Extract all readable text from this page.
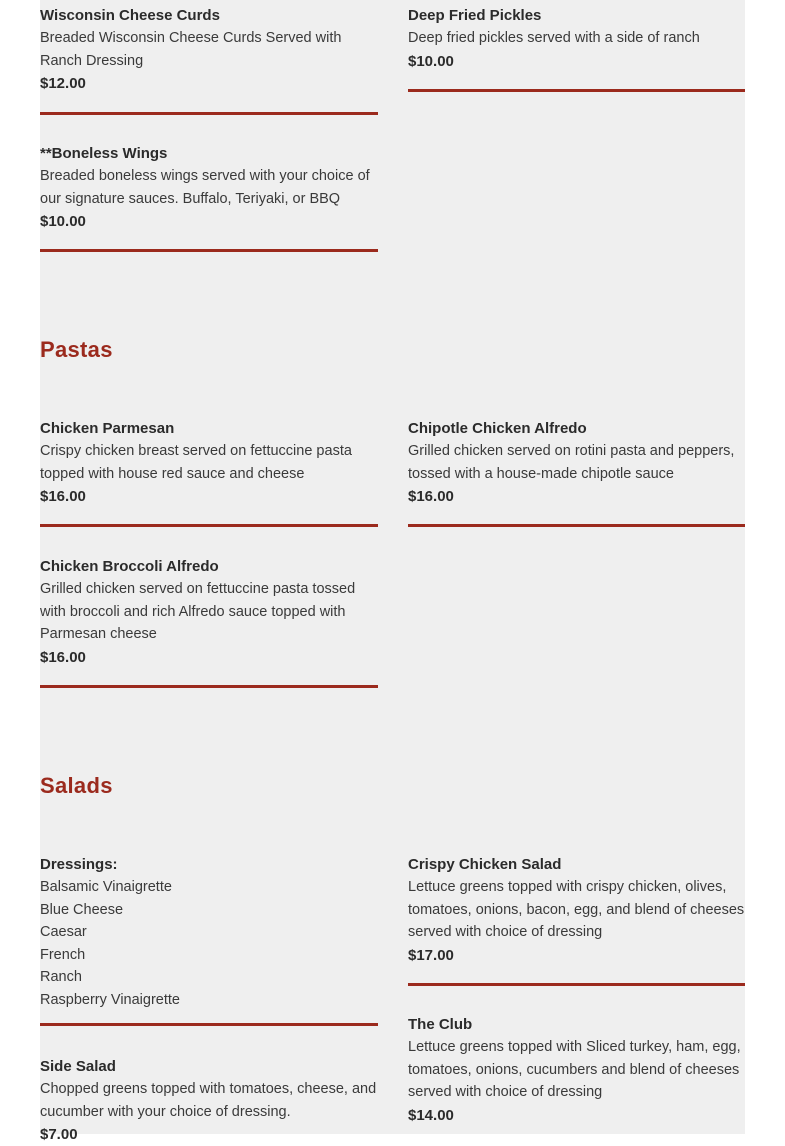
Wisconsin Cheese Curds
Breaded Wisconsin Cheese Curds Served with Ranch Dressing
$12.00
**Boneless Wings
Breaded boneless wings served with your choice of our signature sauces. Buffalo, Teriyaki, or BBQ
$10.00
Pastas
Chicken Parmesan
Crispy chicken breast served on fettuccine pasta topped with house red sauce and cheese
$16.00
Chicken Broccoli Alfredo
Grilled chicken served on fettuccine pasta tossed with broccoli and rich Alfredo sauce topped with Parmesan cheese
$16.00
Salads
Dressings:
Balsamic Vinaigrette
Blue Cheese
Caesar
French
Ranch
Raspberry Vinaigrette
Side Salad
Chopped greens topped with tomatoes, cheese, and cucumber with your choice of dressing.
$7.00
Deep Fried Pickles
Deep fried pickles served with a side of ranch
$10.00
Chipotle Chicken Alfredo
Grilled chicken served on rotini pasta and peppers, tossed with a house-made chipotle sauce
$16.00
Crispy Chicken Salad
Lettuce greens topped with crispy chicken, olives, tomatoes, onions, bacon, egg, and blend of cheeses served with choice of dressing
$17.00
The Club
Lettuce greens topped with Sliced turkey, ham, egg, tomatoes, onions, cucumbers and blend of cheeses served with choice of dressing
$14.00
